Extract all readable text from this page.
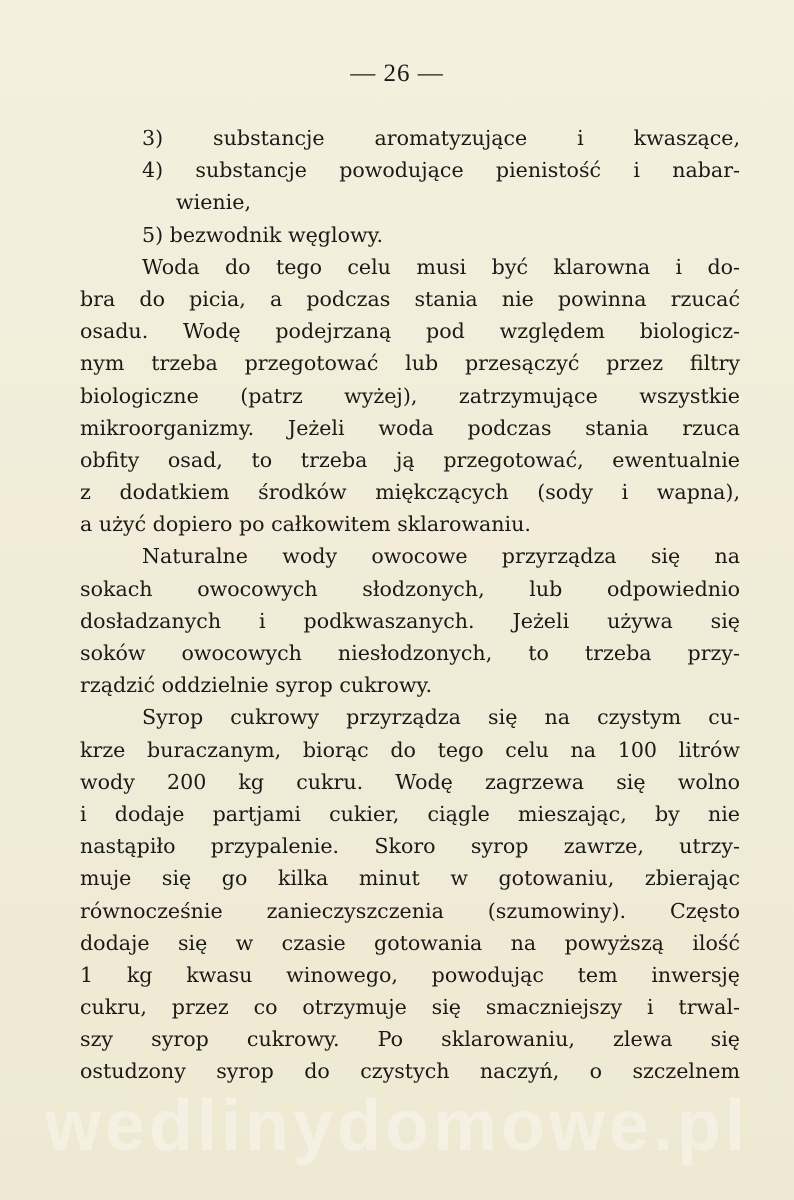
— 26 —
3) substancje aromatyzujące i kwaszące,
4) substancje powodujące pienistość i nabar-
wienie,
5) bezwodnik węglowy.
Woda do tego celu musi być klarowna i do-
bra do picia, a podczas stania nie powinna rzucać
osadu. Wodę podejrzaną pod względem biologicz-
nym trzeba przegotować lub przesączyć przez filtry
biologiczne (patrz wyżej), zatrzymujące wszystkie
mikroorganizmy. Jeżeli woda podczas stania rzuca
obfity osad, to trzeba ją przegotować, ewentualnie
z dodatkiem środków miękczących (sody i wapna),
a użyć dopiero po całkowitem sklarowaniu.
Naturalne wody owocowe przyrządza się na
sokach owocowych słodzonych, lub odpowiednio
dosładzanych i podkwaszanych. Jeżeli używa się
soków owocowych niesłodzonych, to trzeba przy-
rządzić oddzielnie syrop cukrowy.
Syrop cukrowy przyrządza się na czystym cu-
krze buraczanym, biorąc do tego celu na 100 litrów
wody 200 kg cukru. Wodę zagrzewa się wolno
i dodaje partjami cukier, ciągle mieszając, by nie
nastąpiło przypalenie. Skoro syrop zawrze, utrzy-
muje się go kilka minut w gotowaniu, zbierając
równocześnie zanieczyszczenia (szumowiny). Często
dodaje się w czasie gotowania na powyższą ilość
1 kg kwasu winowego, powodując tem inwersję
cukru, przez co otrzymuje się smaczniejszy i trwal-
szy syrop cukrowy. Po sklarowaniu, zlewa się
ostudzony syrop do czystych naczyń, o szczelnem
wedlinydomowe.pl
